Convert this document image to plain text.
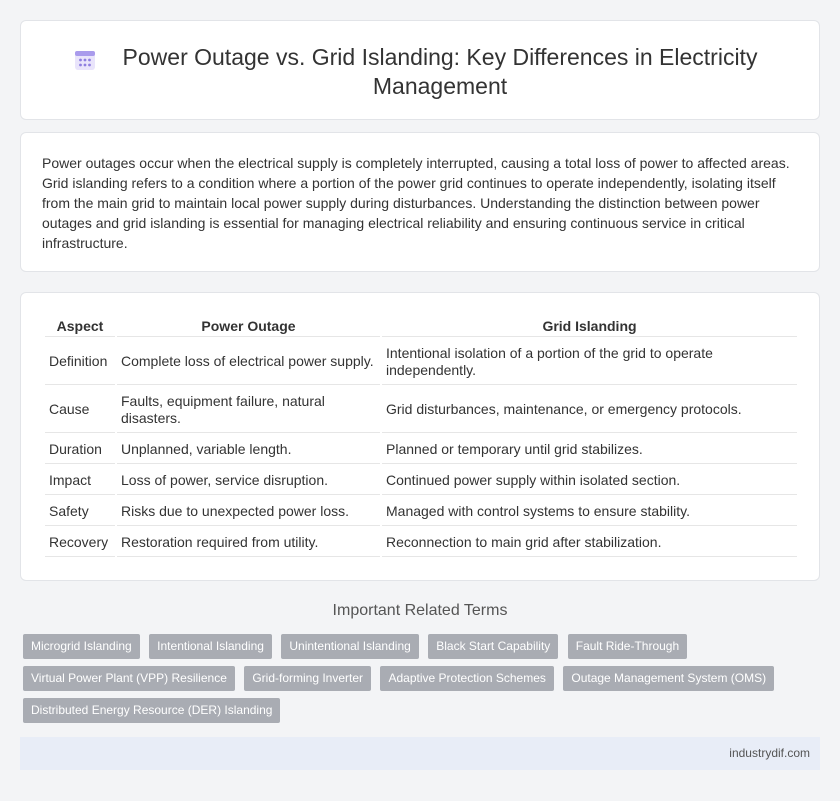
Power Outage vs. Grid Islanding: Key Differences in Electricity Management

Power outages occur when the electrical supply is completely interrupted, causing a total loss of power to affected areas. Grid islanding refers to a condition where a portion of the power grid continues to operate independently, isolating itself from the main grid to maintain local power supply during disturbances. Understanding the distinction between power outages and grid islanding is essential for managing electrical reliability and ensuring continuous service in critical infrastructure.

Aspect	Power Outage	Grid Islanding
Definition	Complete loss of electrical power supply.	Intentional isolation of a portion of the grid to operate independently.
Cause	Faults, equipment failure, natural disasters.	Grid disturbances, maintenance, or emergency protocols.
Duration	Unplanned, variable length.	Planned or temporary until grid stabilizes.
Impact	Loss of power, service disruption.	Continued power supply within isolated section.
Safety	Risks due to unexpected power loss.	Managed with control systems to ensure stability.
Recovery	Restoration required from utility.	Reconnection to main grid after stabilization.
Important Related Terms
Microgrid Islanding Intentional Islanding Unintentional Islanding Black Start Capability Fault Ride-Through Virtual Power Plant (VPP) Resilience Grid-forming Inverter Adaptive Protection Schemes Outage Management System (OMS) Distributed Energy Resource (DER) Islanding
industrydif.com
